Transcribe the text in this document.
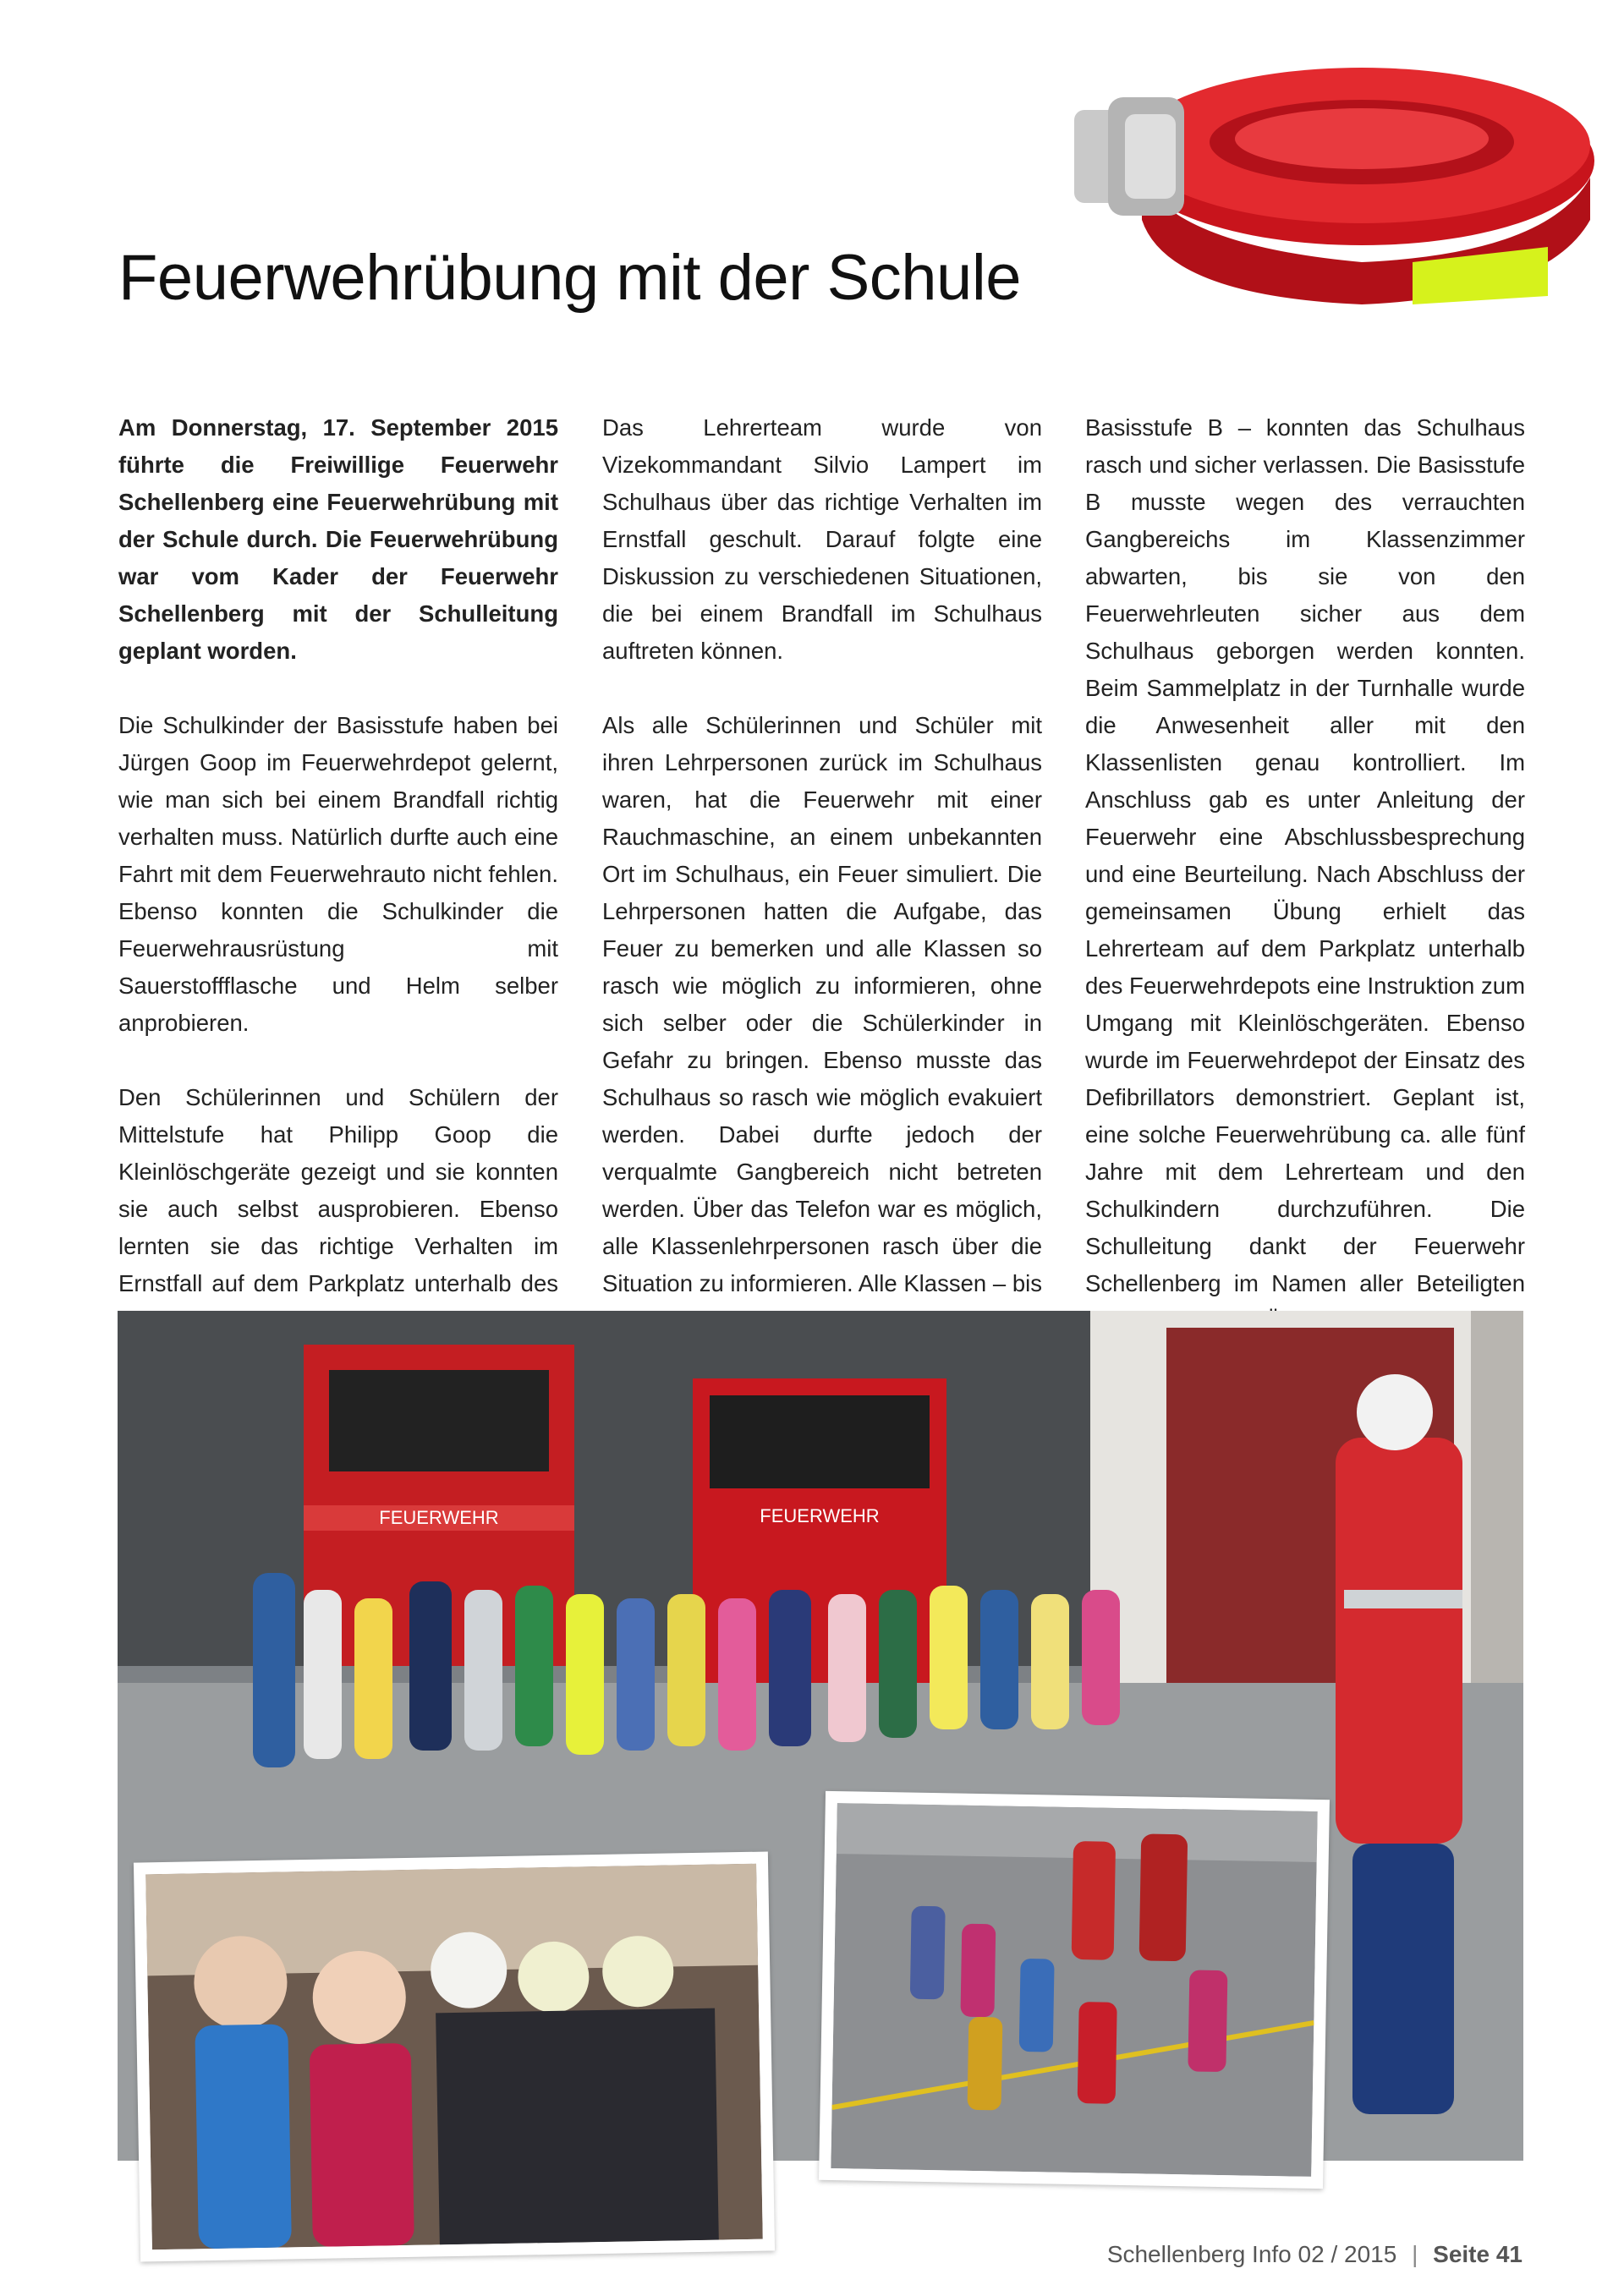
Feuerwehrübung mit der Schule

Am Donnerstag, 17. September 2015 führte die Freiwillige Feuerwehr Schellenberg eine Feuerwehrübung mit der Schule durch. Die Feuerwehrübung war vom Kader der Feuerwehr Schellenberg mit der Schulleitung geplant worden.

Die Schulkinder der Basisstufe haben bei Jürgen Goop im Feuerwehrdepot gelernt, wie man sich bei einem Brandfall richtig verhalten muss. Natürlich durfte auch eine Fahrt mit dem Feuerwehrauto nicht fehlen. Ebenso konnten die Schulkinder die Feuerwehrausrüstung mit Sauerstoffflasche und Helm selber anprobieren.

Den Schülerinnen und Schülern der Mittelstufe hat Philipp Goop die Kleinlöschgeräte gezeigt und sie konnten sie auch selbst ausprobieren. Ebenso lernten sie das richtige Verhalten im Ernstfall auf dem Parkplatz unterhalb des

Das Lehrerteam wurde von Vizekommandant Silvio Lampert im Schulhaus über das richtige Verhalten im Ernstfall geschult. Darauf folgte eine Diskussion zu verschiedenen Situationen, die bei einem Brandfall im Schulhaus auftreten können.

Als alle Schülerinnen und Schüler mit ihren Lehrpersonen zurück im Schulhaus waren, hat die Feuerwehr mit einer Rauchmaschine, an einem unbekannten Ort im Schulhaus, ein Feuer simuliert. Die Lehrpersonen hatten die Aufgabe, das Feuer zu bemerken und alle Klassen so rasch wie möglich zu informieren, ohne sich selber oder die Schülerkinder in Gefahr zu bringen. Ebenso musste das Schulhaus so rasch wie möglich evakuiert werden. Dabei durfte jedoch der verqualmte Gangbereich nicht betreten werden. Über das Telefon war es möglich, alle Klassenlehrpersonen rasch über die Situation zu informieren. Alle Klassen – bis

Basisstufe B – konnten das Schulhaus rasch und sicher verlassen. Die Basisstufe B musste wegen des verrauchten Gangbereichs im Klassenzimmer abwarten, bis sie von den Feuerwehrleuten sicher aus dem Schulhaus geborgen werden konnten. Beim Sammelplatz in der Turnhalle wurde die Anwesenheit aller mit den Klassenlisten genau kontrolliert. Im Anschluss gab es unter Anleitung der Feuerwehr eine Abschlussbesprechung und eine Beurteilung. Nach Abschluss der gemeinsamen Übung erhielt das Lehrerteam auf dem Parkplatz unterhalb des Feuerwehrdepots eine Instruktion zum Umgang mit Kleinlöschgeräten. Ebenso wurde im Feuerwehrdepot der Einsatz des Defibrillators demonstriert. Geplant ist, eine solche Feuerwehrübung ca. alle fünf Jahre mit dem Lehrerteam und den Schulkindern durchzuführen. Die Schulleitung dankt der Feuerwehr Schellenberg im Namen aller Beteiligten

FEUERWEHR	FEUERWEHR
Schellenberg Info 02 / 2015 | Seite 41
